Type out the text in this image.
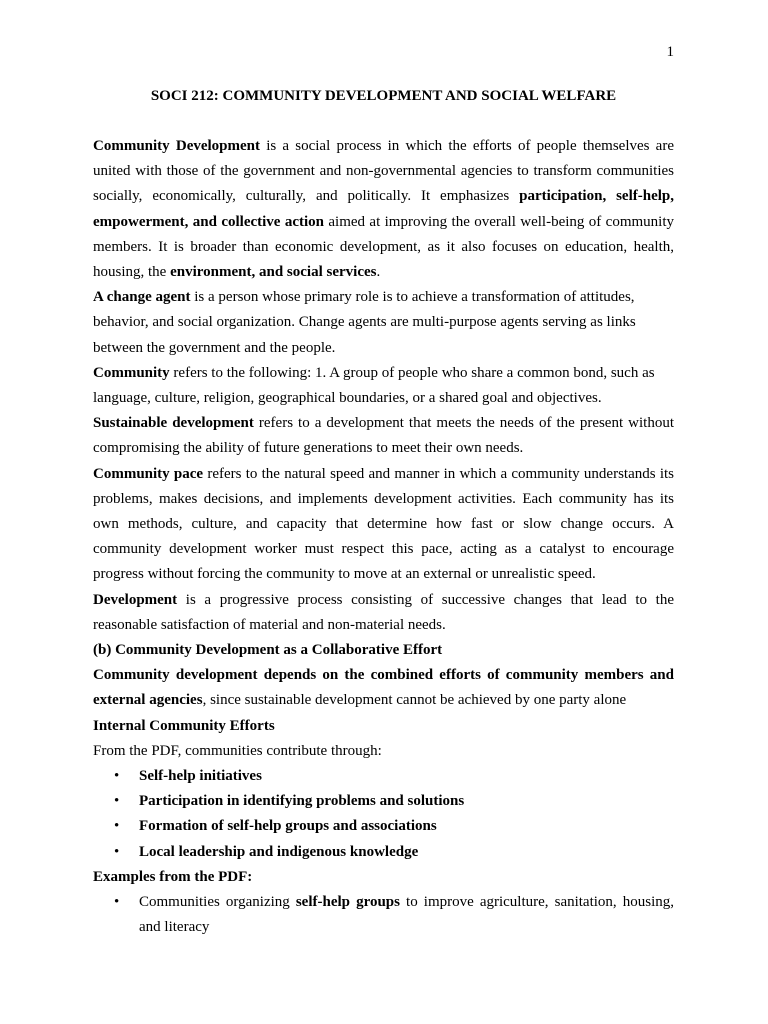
1
SOCI 212: COMMUNITY DEVELOPMENT AND SOCIAL WELFARE

Community Development is a social process in which the efforts of people themselves are united with those of the government and non-governmental agencies to transform communities socially, economically, culturally, and politically. It emphasizes participation, self-help, empowerment, and collective action aimed at improving the overall well-being of community members. It is broader than economic development, as it also focuses on education, health, housing, the environment, and social services.

A change agent is a person whose primary role is to achieve a transformation of attitudes, behavior, and social organization. Change agents are multi-purpose agents serving as links between the government and the people.

Community refers to the following: 1. A group of people who share a common bond, such as language, culture, religion, geographical boundaries, or a shared goal and objectives.

Sustainable development refers to a development that meets the needs of the present without compromising the ability of future generations to meet their own needs.

Community pace refers to the natural speed and manner in which a community understands its problems, makes decisions, and implements development activities. Each community has its own methods, culture, and capacity that determine how fast or slow change occurs. A community development worker must respect this pace, acting as a catalyst to encourage progress without forcing the community to move at an external or unrealistic speed.

Development is a progressive process consisting of successive changes that lead to the reasonable satisfaction of material and non-material needs.

(b) Community Development as a Collaborative Effort

Community development depends on the combined efforts of community members and external agencies, since sustainable development cannot be achieved by one party alone

Internal Community Efforts

From the PDF, communities contribute through:

• Self-help initiatives
• Participation in identifying problems and solutions
• Formation of self-help groups and associations
• Local leadership and indigenous knowledge

Examples from the PDF:

• Communities organizing self-help groups to improve agriculture, sanitation, housing, and literacy
